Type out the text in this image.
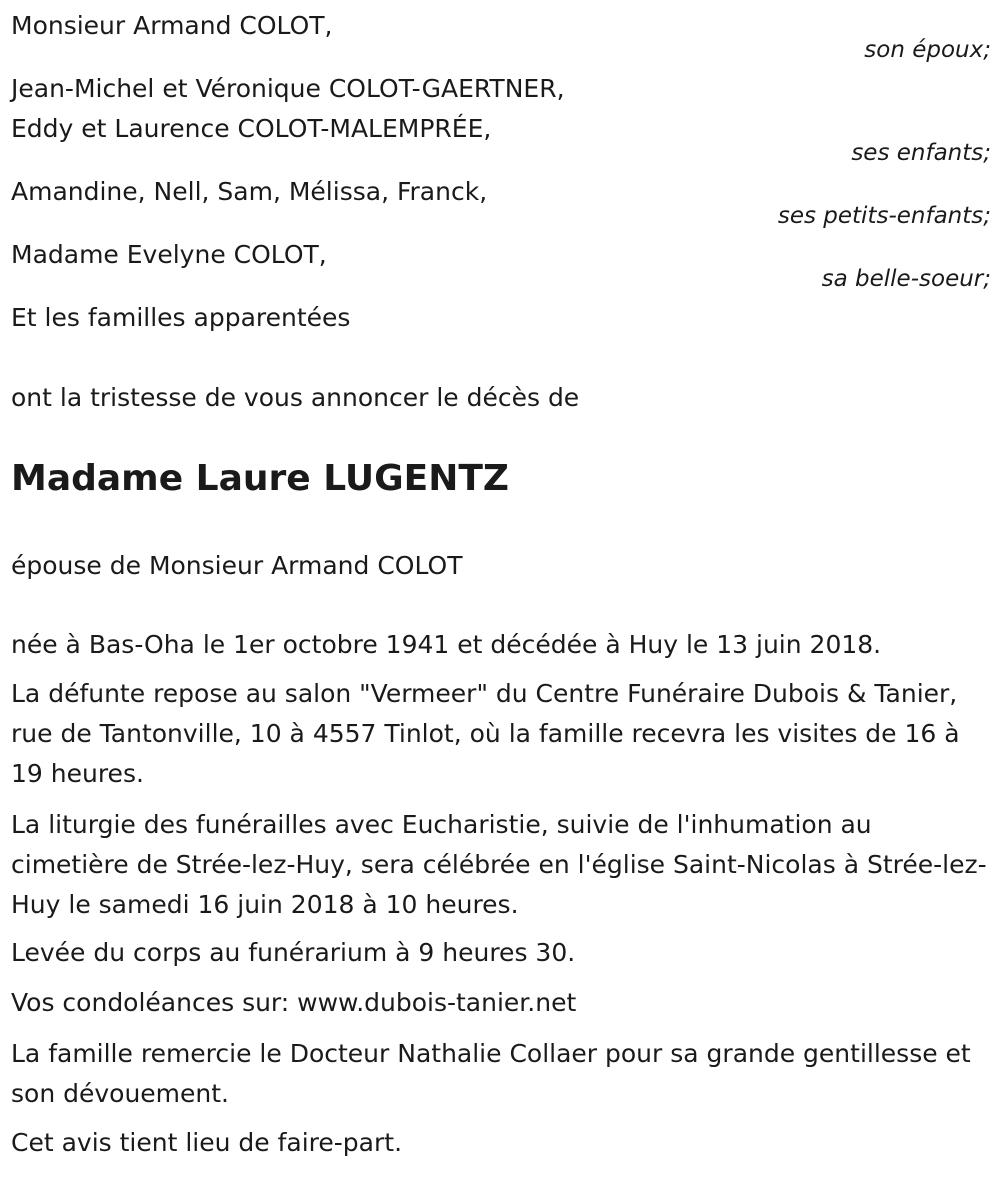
Monsieur Armand COLOT,
son époux;
Jean-Michel et Véronique COLOT-GAERTNER,
Eddy et Laurence COLOT-MALEMPRÉE,
ses enfants;
Amandine, Nell, Sam, Mélissa, Franck,
ses petits-enfants;
Madame Evelyne COLOT,
sa belle-soeur;
Et les familles apparentées
ont la tristesse de vous annoncer le décès de
Madame Laure LUGENTZ
épouse de Monsieur Armand COLOT
née à Bas-Oha le 1er octobre 1941 et décédée à Huy le 13 juin 2018.
La défunte repose au salon "Vermeer" du Centre Funéraire Dubois & Tanier, rue de Tantonville, 10 à 4557 Tinlot, où la famille recevra les visites de 16 à 19 heures.
La liturgie des funérailles avec Eucharistie, suivie de l'inhumation au cimetière de Strée-lez-Huy, sera célébrée en l'église Saint-Nicolas à Strée-lez-Huy le samedi 16 juin 2018 à 10 heures.
Levée du corps au funérarium à 9 heures 30.
Vos condoléances sur: www.dubois-tanier.net
La famille remercie le Docteur Nathalie Collaer pour sa grande gentillesse et son dévouement.
Cet avis tient lieu de faire-part.
